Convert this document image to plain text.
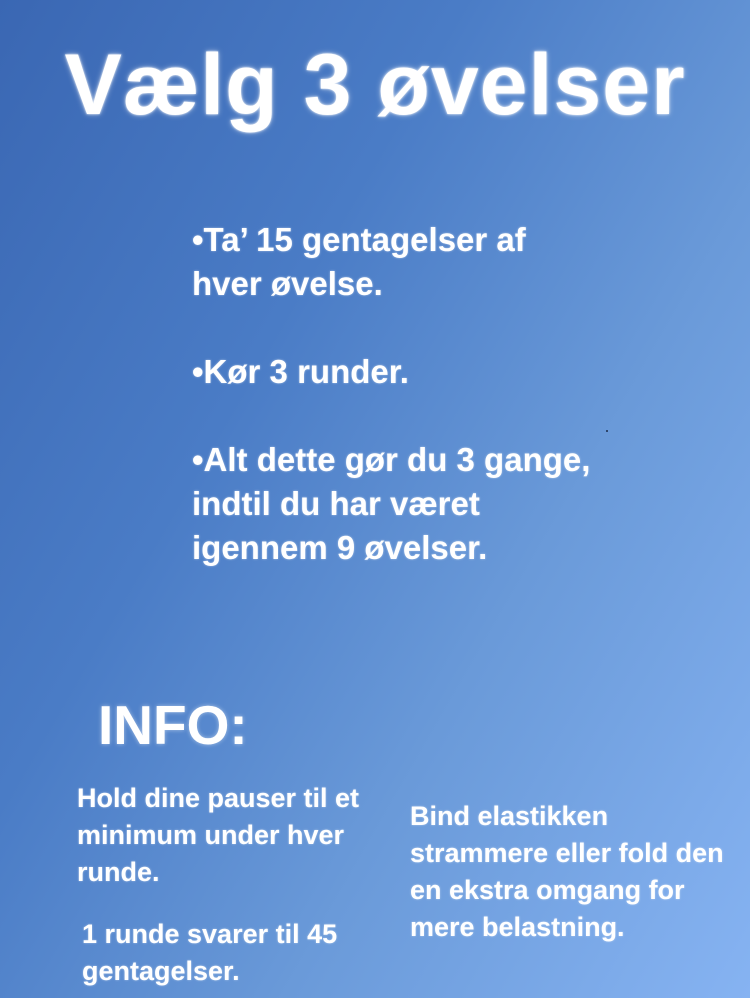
Vælg 3 øvelser
•Ta’ 15 gentagelser af hver øvelse.
•Kør 3 runder.
•Alt dette gør du 3 gange, indtil du har været igennem 9 øvelser.
INFO:
Hold dine pauser til et minimum under hver runde.
1 runde svarer til 45 gentagelser.
Bind elastikken strammere eller fold den en ekstra omgang for mere belastning.
